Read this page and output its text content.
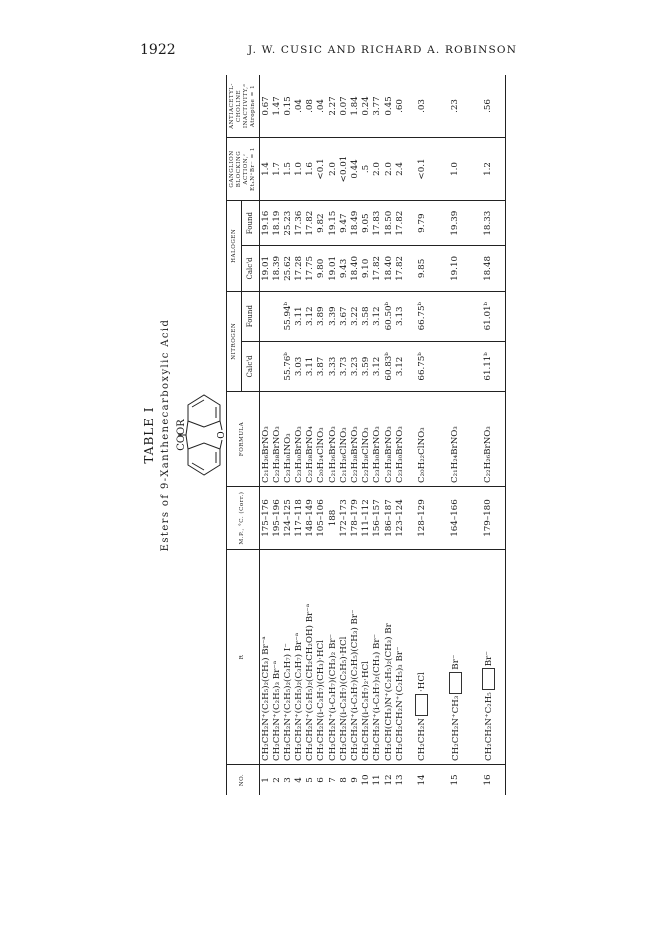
1922	J. W. CUSIC AND RICHARD A. ROBINSON
TABLE I Esters of 9-Xanthenecarboxylic Acid COOR	O
NO.	R	M.P., °C. (Corr.)	FORMULA	NITROGEN		HALOGEN		GANGLION BLOCKING ACTION,ᶜ Et₄N⁺Br⁻ = 1	ANTIACETYL-CHOLINE INACTIVITY,ᵈ Atropine = 1
				Calc'd	Found	Calc'd	Found		
1	CH₂CH₂N⁺(C₂H₅)₂(CH₃) Br⁻ᵃ	175–176	C₂₁H₂₆BrNO₃			19.01	19.16	1.4	0.67
2	CH₂CH₂N⁺(C₂H₅)₃ Br⁻ᵃ	195–196	C₂₂H₂₈BrNO₃			18.39	18.19	1.7	1.47
3	CH₂CH₂N⁺(C₂H₅)₂(C₃H₇) I⁻	124–125	C₂₃H₃₀INO₃	55.76ᵇ	55.94ᵇ	25.62	25.23	1.5	0.15
4	CH₂CH₂N⁺(C₂H₅)₂(C₃H₇) Br⁻ᵃ	117–118	C₂₃H₃₀BrNO₃	3.03	3.11	17.28	17.36	1.0	.04
5	CH₂CH₂N⁺(C₂H₅)₂(CH₂CH₂OH) Br⁻ᵃ	148–149	C₂₂H₂₈BrNO₄	3.11	3.12	17.75	17.82	1.6	.08
6	CH₂CH₂N(i-C₃H₇)(CH₃)·HCl	105–106	C₂₀H₂₄ClNO₃	3.87	3.89	9.80	9.82	<0.1	.04
7	CH₂CH₂N⁺(i-C₃H₇)(CH₃)₂ Br⁻	188	C₂₁H₂₆BrNO₃	3.33	3.39	19.01	19.15	2.0	2.27
8	CH₂CH₂N(i-C₃H₇)(C₂H₅)·HCl	172–173	C₂₁H₂₆ClNO₃	3.73	3.67	9.43	9.47	<0.01	0.07
9	CH₂CH₂N⁺(i-C₃H₇)(C₂H₅)(CH₃) Br⁻	178–179	C₂₂H₂₈BrNO₃	3.23	3.22	18.40	18.49	0.44	1.84
10	CH₂CH₂N(i-C₃H₇)₂·HCl	111–112	C₂₂H₂₈ClNO₃	3.59	3.58	9.10	9.05	.5	0.24
11	CH₂CH₂N⁺(i-C₃H₇)₂(CH₃) Br⁻	156–157	C₂₃H₃₀BrNO₃	3.12	3.12	17.82	17.83	2.0	3.77
12	CH₂CH(CH₃)N⁺(C₂H₅)₂(CH₃) Br	186–187	C₂₂H₂₈BrNO₃	60.83ᵇ	60.50ᵇ	18.40	18.50	2.0	0.45
13	CH₂CH₂CH₂N⁺(C₂H₅)₃ Br⁻	123–124	C₂₃H₃₀BrNO₃	3.12	3.13	17.82	17.82	2.4	.60
14	CH₂CH₂N·HCl	128–129	C₂₀H₂₂ClNO₃	66.75ᵇ	66.75ᵇ	9.85	9.79	<0.1	.03
15	CH₂CH₂N⁺CH₃Br⁻	164–166	C₂₁H₂₄BrNO₃			19.10	19.39	1.0	.23
16	CH₂CH₂N⁺C₂H₅Br⁻	179–180	C₂₂H₂₆BrNO₃	61.11ᵇ	61.01ᵇ	18.48	18.33	1.2	.56
